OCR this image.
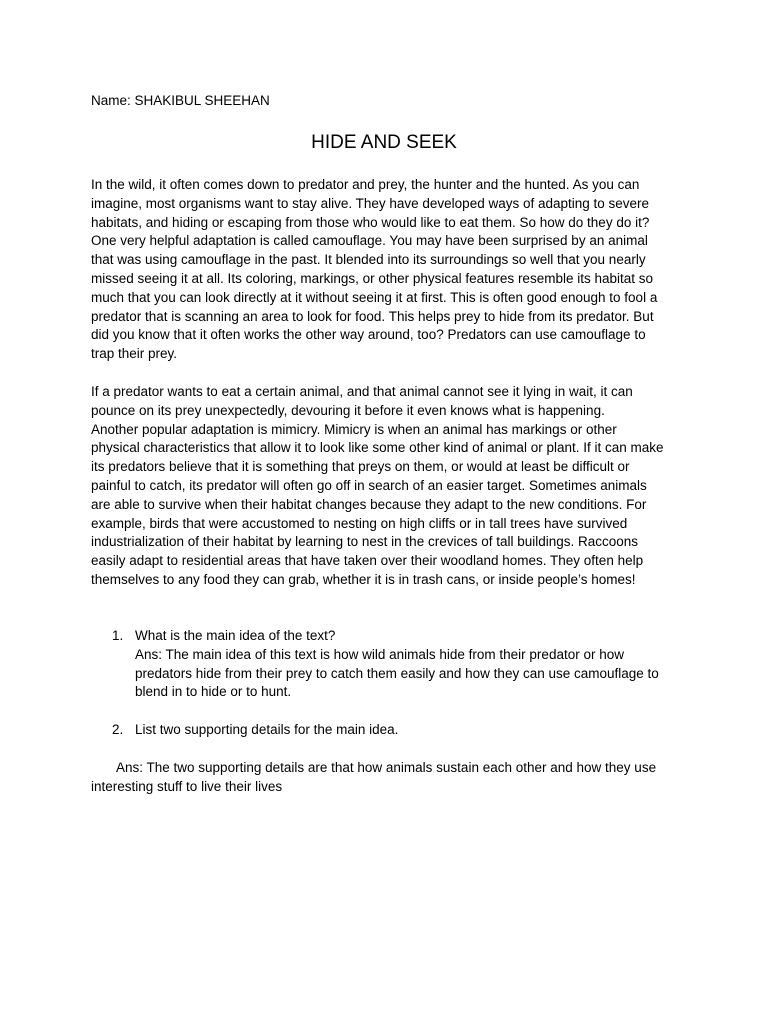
Name: SHAKIBUL SHEEHAN
HIDE AND SEEK
In the wild, it often comes down to predator and prey, the hunter and the hunted. As you can
imagine, most organisms want to stay alive. They have developed ways of adapting to severe
habitats, and hiding or escaping from those who would like to eat them. So how do they do it?
One very helpful adaptation is called camouflage. You may have been surprised by an animal
that was using camouflage in the past. It blended into its surroundings so well that you nearly
missed seeing it at all. Its coloring, markings, or other physical features resemble its habitat so
much that you can look directly at it without seeing it at first. This is often good enough to fool a
predator that is scanning an area to look for food. This helps prey to hide from its predator. But
did you know that it often works the other way around, too? Predators can use camouflage to
trap their prey.
If a predator wants to eat a certain animal, and that animal cannot see it lying in wait, it can
pounce on its prey unexpectedly, devouring it before it even knows what is happening.
Another popular adaptation is mimicry. Mimicry is when an animal has markings or other
physical characteristics that allow it to look like some other kind of animal or plant. If it can make
its predators believe that it is something that preys on them, or would at least be difficult or
painful to catch, its predator will often go off in search of an easier target. Sometimes animals
are able to survive when their habitat changes because they adapt to the new conditions. For
example, birds that were accustomed to nesting on high cliffs or in tall trees have survived
industrialization of their habitat by learning to nest in the crevices of tall buildings. Raccoons
easily adapt to residential areas that have taken over their woodland homes. They often help
themselves to any food they can grab, whether it is in trash cans, or inside people’s homes!
1. What is the main idea of the text?
Ans: The main idea of this text is how wild animals hide from their predator or how
predators hide from their prey to catch them easily and how they can use camouflage to
blend in to hide or to hunt.
2. List two supporting details for the main idea.
Ans: The two supporting details are that how animals sustain each other and how they use
interesting stuff to live their lives
